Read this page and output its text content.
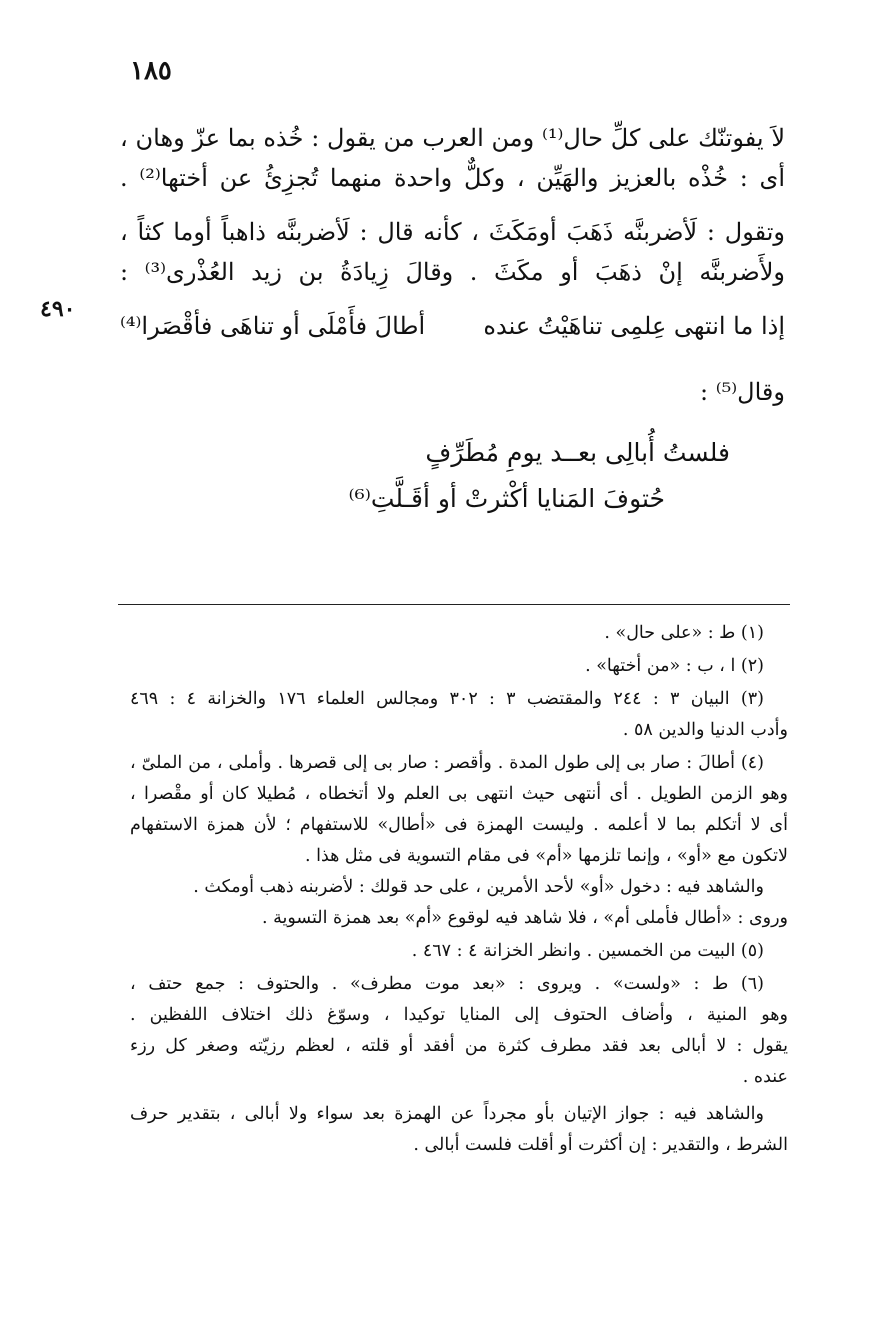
١٨٥
٤٩٠

لاَ يفوتنّك على كلِّ حال⁽¹⁾ ومن العرب من يقول : خُذه بما عزّ وهان ،

أى : خُذْه بالعزيز والهَيِّن ، وكلٌّ واحدة منهما تُجزِئُ عن أختها⁽²⁾ .

وتقول : لَأضربنَّه ذَهَبَ أومَكَثَ ، كأنه قال : لَأضربنَّه ذاهباً أوما كثاً ،

ولأَضربنَّه إنْ ذهَبَ أو مكَثَ . وقالَ زِيادَةُ بن زيد العُذْرى⁽³⁾ :

إذا ما انتهى عِلمِى تناهَيْتُ عنده
أطالَ فأَمْلَى أو تناهَى فأقْصَرا⁽⁴⁾

وقال⁽⁵⁾ :

فلستُ أُبالِى بعــد يومِ مُطَرِّفٍ
حُتوفَ المَنايا أكْثرتْ أو أقَـلَّتِ⁽⁶⁾
(١) ط : «على حال» .
(٢) ا ، ب : «من أختها» .
(٣) البيان ٣ : ٢٤٤ والمقتضب ٣ : ٣٠٢ ومجالس العلماء ١٧٦ والخزانة ٤ : ٤٦٩
وأدب الدنيا والدين ٥٨ .
(٤) أطالَ : صار بى إلى طول المدة . وأقصر : صار بى إلى قصرها . وأملى ، من الملىّ ،
وهو الزمن الطويل . أى أنتهى حيث انتهى بى العلم ولا أتخطاه ، مُطيلا كان أو مقْصرا ،
أى لا أتكلم بما لا أعلمه . وليست الهمزة فى «أطال» للاستفهام ؛ لأن همزة الاستفهام
لاتكون مع «أو» ، وإنما تلزمها «أم» فى مقام التسوية فى مثل هذا .
والشاهد فيه : دخول «أو» لأحد الأمرين ، على حد قولك : لأضربنه ذهب أومكث .
وروى : «أطال فأملى أم» ، فلا شاهد فيه لوقوع «أم» بعد همزة التسوية .
(٥) البيت من الخمسين . وانظر الخزانة ٤ : ٤٦٧ .
(٦) ط : «ولست» . ويروى : «بعد موت مطرف» . والحتوف : جمع حتف ،
وهو المنية ، وأضاف الحتوف إلى المنايا توكيدا ، وسوّغ ذلك اختلاف اللفظين .
يقول : لا أبالى بعد فقد مطرف كثرة من أفقد أو قلته ، لعظم رزيّته وصغر كل رزء
عنده .
والشاهد فيه : جواز الإتيان بأو مجرداً عن الهمزة بعد سواء ولا أبالى ، بتقدير حرف
الشرط ، والتقدير : إن أكثرت أو أقلت فلست أبالى .
